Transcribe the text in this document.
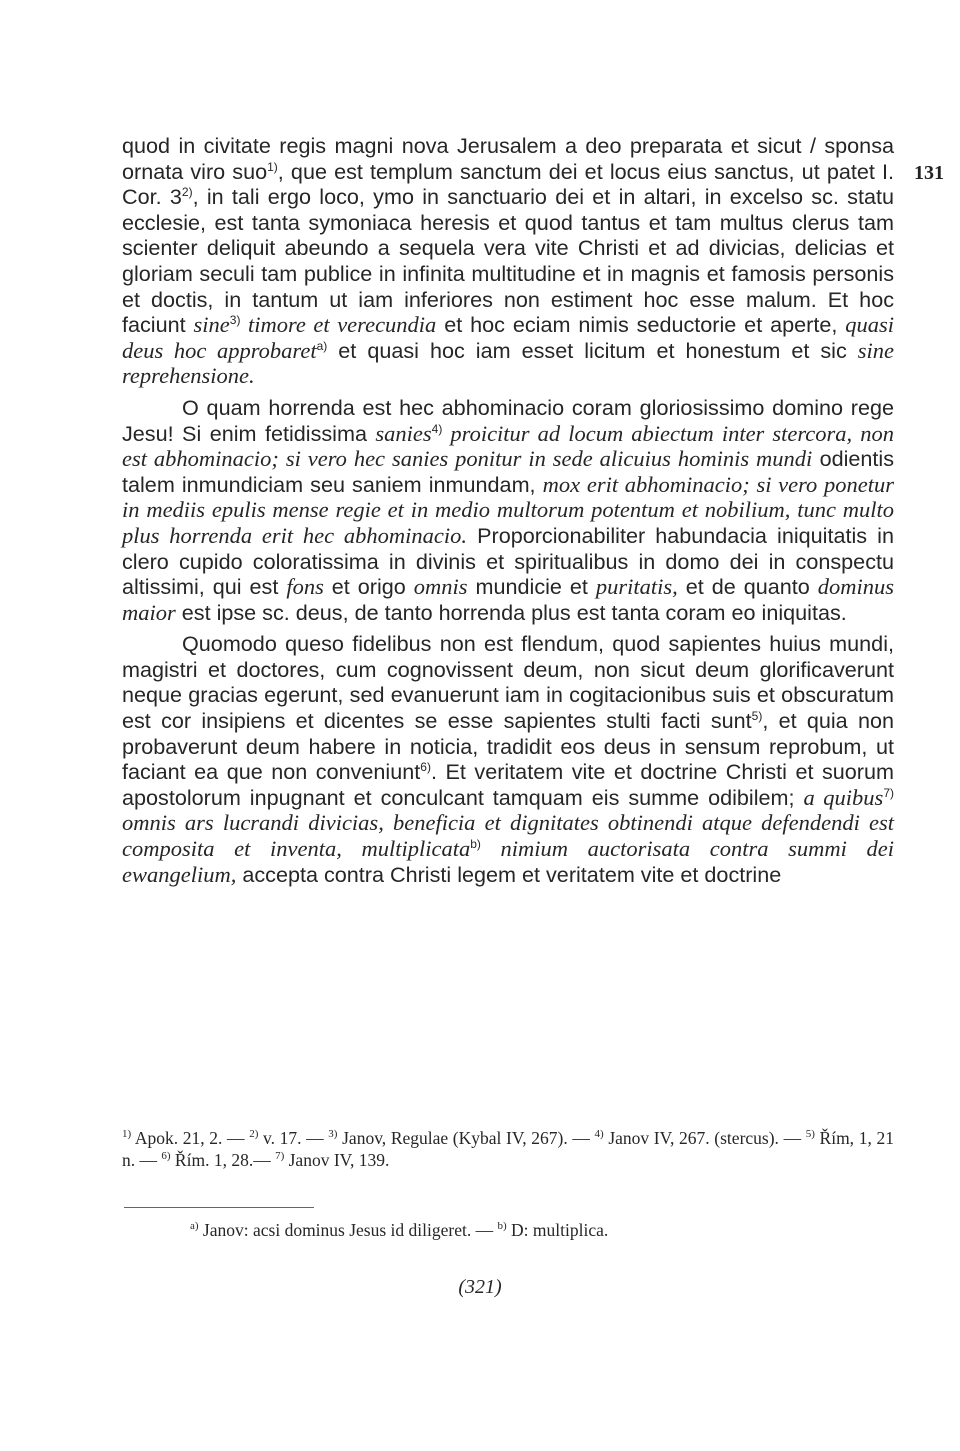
131

quod in civitate regis magni nova Jerusalem a deo preparata et sicut / sponsa ornata viro suo$^{1)}$, que est templum sanctum dei et locus eius sanctus, ut patet I. Cor. 3$^{2)}$, in tali ergo loco, ymo in sanctuario dei et in altari, in excelso sc. statu ecclesie, est tanta symoniaca heresis et quod tantus et tam multus clerus tam scienter deliquit abeundo a sequela vera vite Christi et ad divicias, delicias et gloriam seculi tam publice in infinita multitudine et in magnis et famosis personis et doctis, in tantum ut iam inferiores non estiment hoc esse malum. Et hoc faciunt sine$^{3)}$ timore et verecundia et hoc eciam nimis seductorie et aperte, quasi deus hoc approbaret$^{a)}$ et quasi hoc iam esset licitum et honestum et sic sine reprehensione.

O quam horrenda est hec abhominacio coram gloriosissimo domino rege Jesu! Si enim fetidissima sanies$^{4)}$ proicitur ad locum abiectum inter stercora, non est abhominacio; si vero hec sanies ponitur in sede alicuius hominis mundi odientis talem inmundiciam seu saniem inmundam, mox erit abhominacio; si vero ponetur in mediis epulis mense regie et in medio multorum potentum et nobilium, tunc multo plus horrenda erit hec abhominacio. Proporcionabiliter habundacia iniquitatis in clero cupido coloratissima in divinis et spiritualibus in domo dei in conspectu altissimi, qui est fons et origo omnis mundicie et puritatis, et de quanto dominus maior est ipse sc. deus, de tanto horrenda plus est tanta coram eo iniquitas.

Quomodo queso fidelibus non est flendum, quod sapientes huius mundi, magistri et doctores, cum cognovissent deum, non sicut deum glorificaverunt neque gracias egerunt, sed evanuerunt iam in cogitacionibus suis et obscuratum est cor insipiens et dicentes se esse sapientes stulti facti sunt$^{5)}$, et quia non probaverunt deum habere in noticia, tradidit eos deus in sensum reprobum, ut faciant ea que non conveniunt$^{6)}$. Et veritatem vite et doctrine Christi et suorum apostolorum inpugnant et conculcant tamquam eis summe odibilem; a quibus$^{7)}$ omnis ars lucrandi divicias, beneficia et dignitates obtinendi atque defendendi est composita et inventa, multiplicata$^{b)}$ nimium auctorisata contra summi dei ewangelium, accepta contra Christi legem et veritatem vite et doctrine

$^{1)}$ Apok. 21, 2. — $^{2)}$ v. 17. — $^{3)}$ Janov, Regulae (Kybal IV, 267). — $^{4)}$ Janov IV, 267. (stercus). — $^{5)}$ Řím, 1, 21 n. — $^{6)}$ Řím. 1, 28.— $^{7)}$ Janov IV, 139.
$^{a)}$ Janov: acsi dominus Jesus id diligeret. — $^{b)}$ D: multiplica.
(321)
